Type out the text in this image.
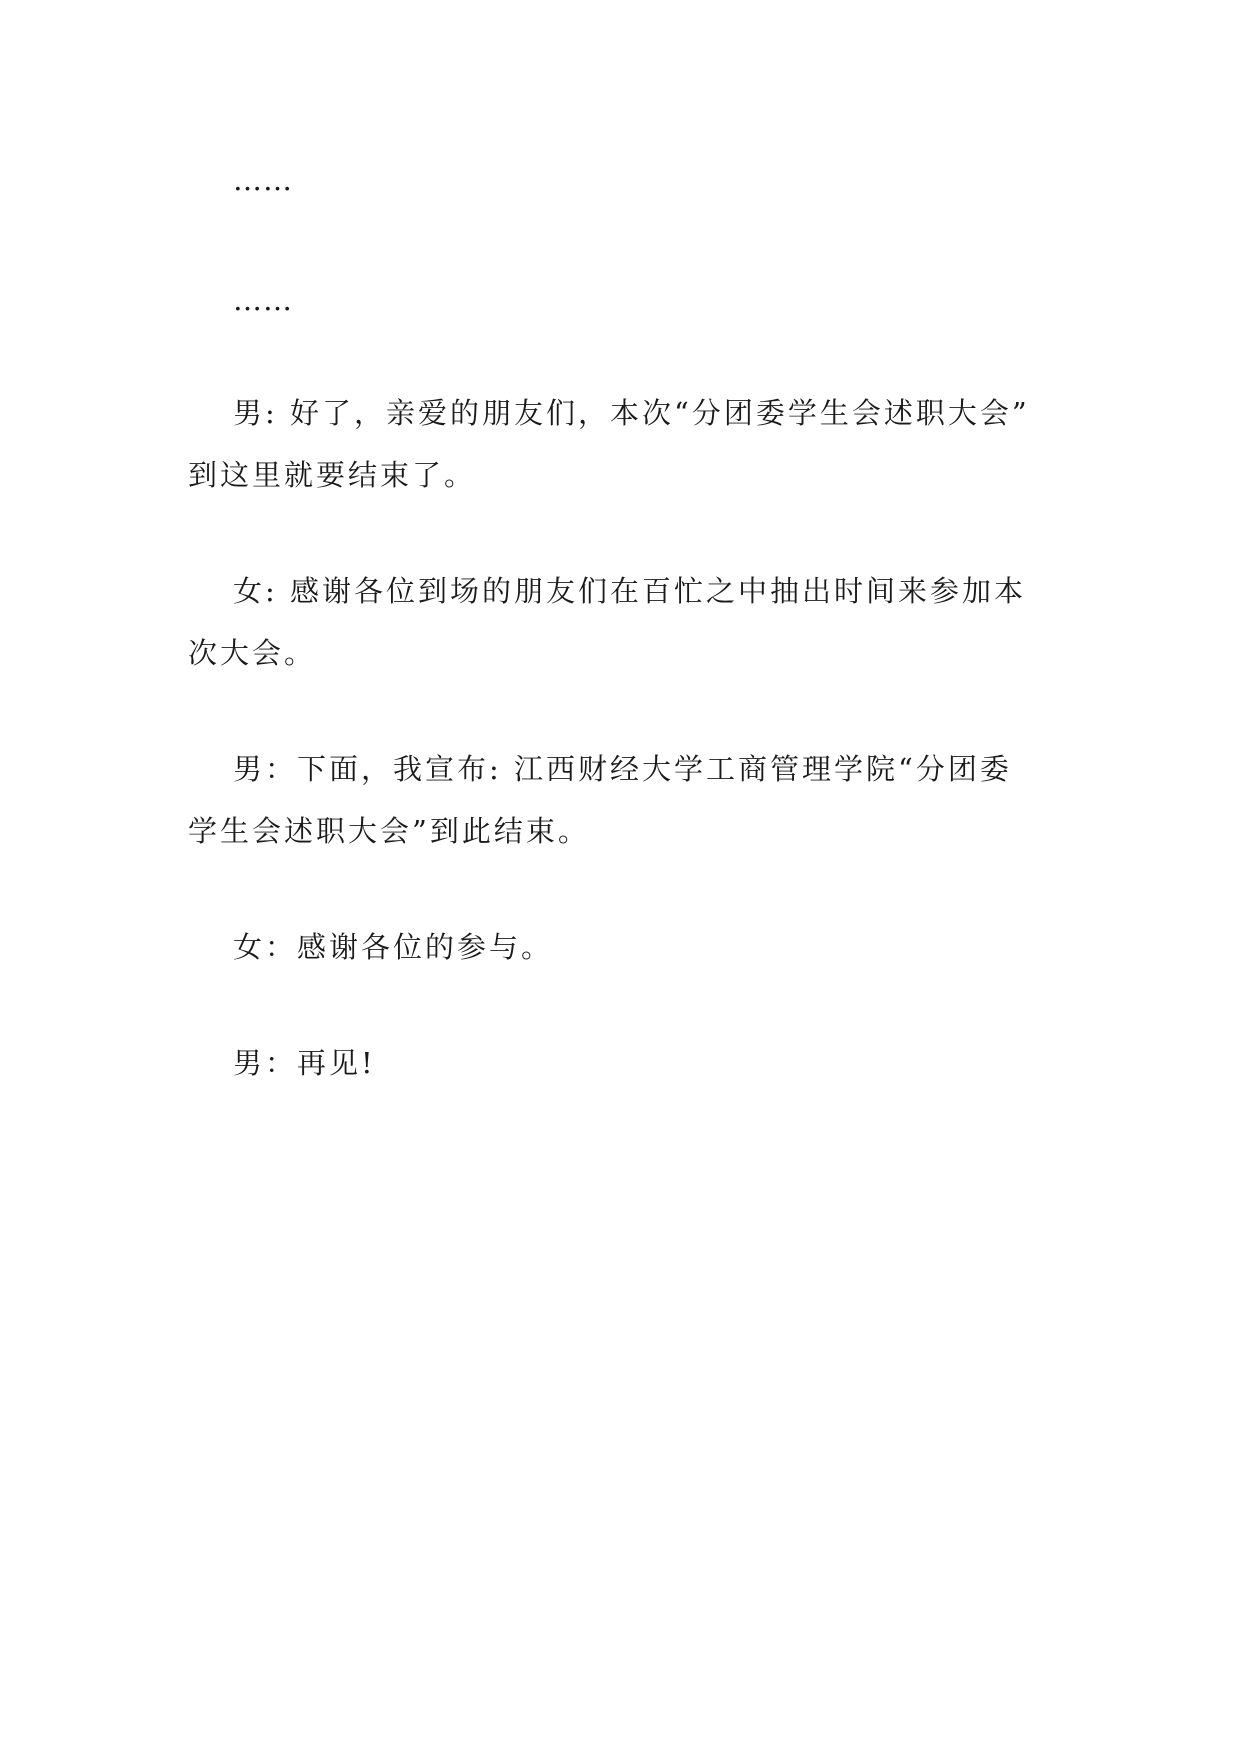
……

……

男: 好了，亲爱的朋友们，本次“分团委学生会述职大会”
到这里就要结束了。
女: 感谢各位到场的朋友们在百忙之中抽出时间来参加本
次大会。
男：下面，我宣布: 江西财经大学工商管理学院“分团委
学生会述职大会”到此结束。
女：感谢各位的参与。
男：再见!
